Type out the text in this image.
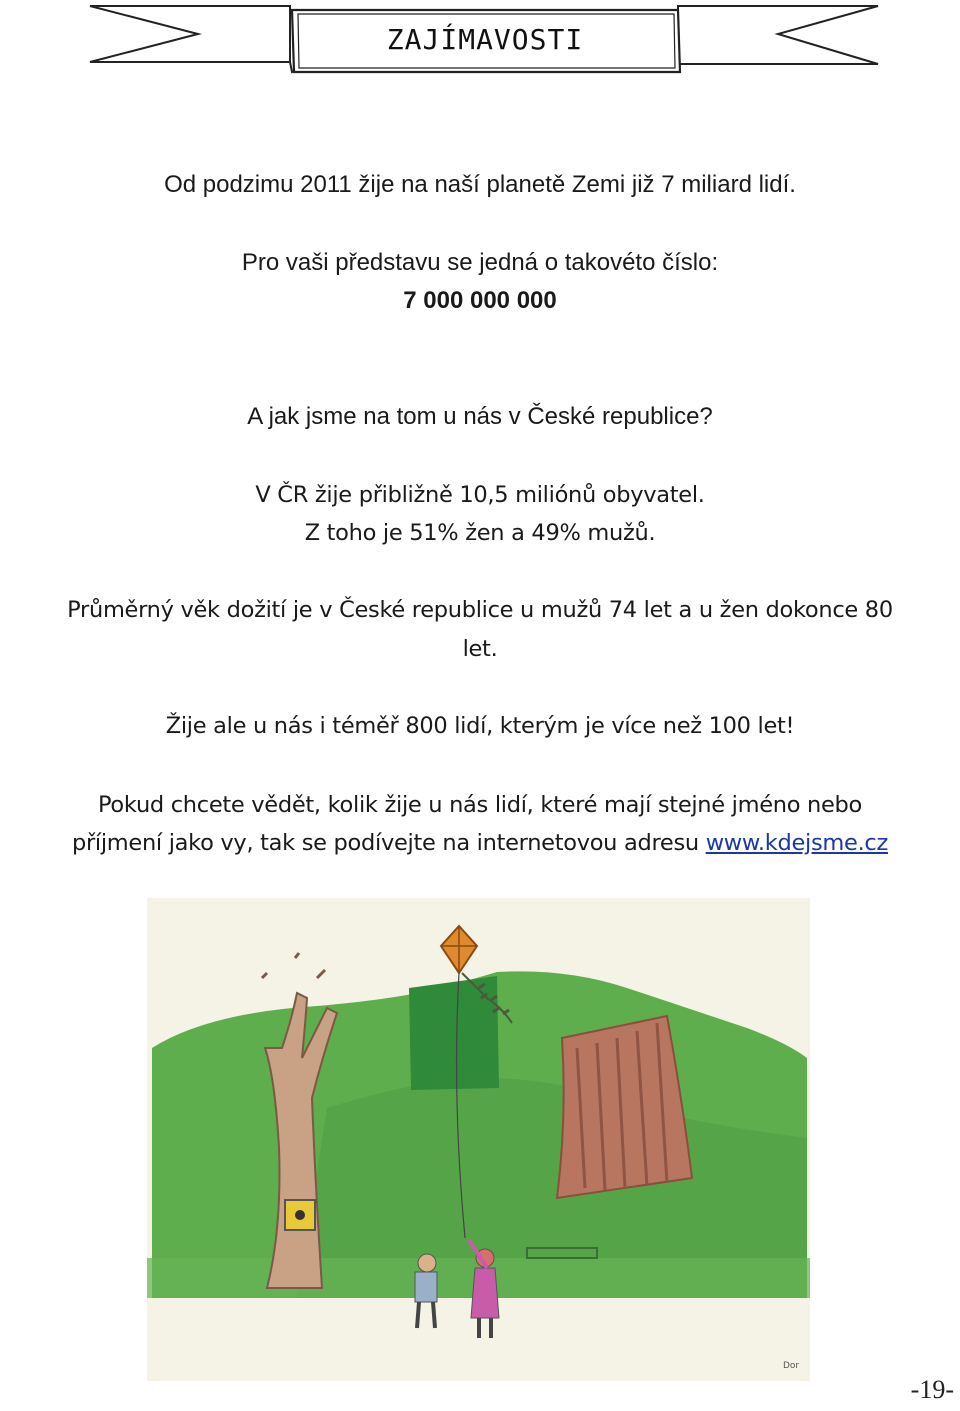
ZAJÍMAVOSTI
Od podzimu 2011 žije na naší planetě Zemi již 7 miliard lidí.
Pro vaši představu se jedná o takovéto číslo:
7 000 000 000
A jak jsme na tom u nás v České republice?
V ČR žije přibližně 10,5 miliónů obyvatel.
Z toho je 51% žen a 49% mužů.
Průměrný věk dožití je v České republice u mužů 74 let a u žen dokonce 80
let.
Žije ale u nás i téměř 800 lidí, kterým je více než 100 let!
Pokud chcete vědět, kolik žije u nás lidí, které mají stejné jméno nebo
příjmení jako vy, tak se podívejte na internetovou adresu www.kdejsme.cz
Dor
-19-
